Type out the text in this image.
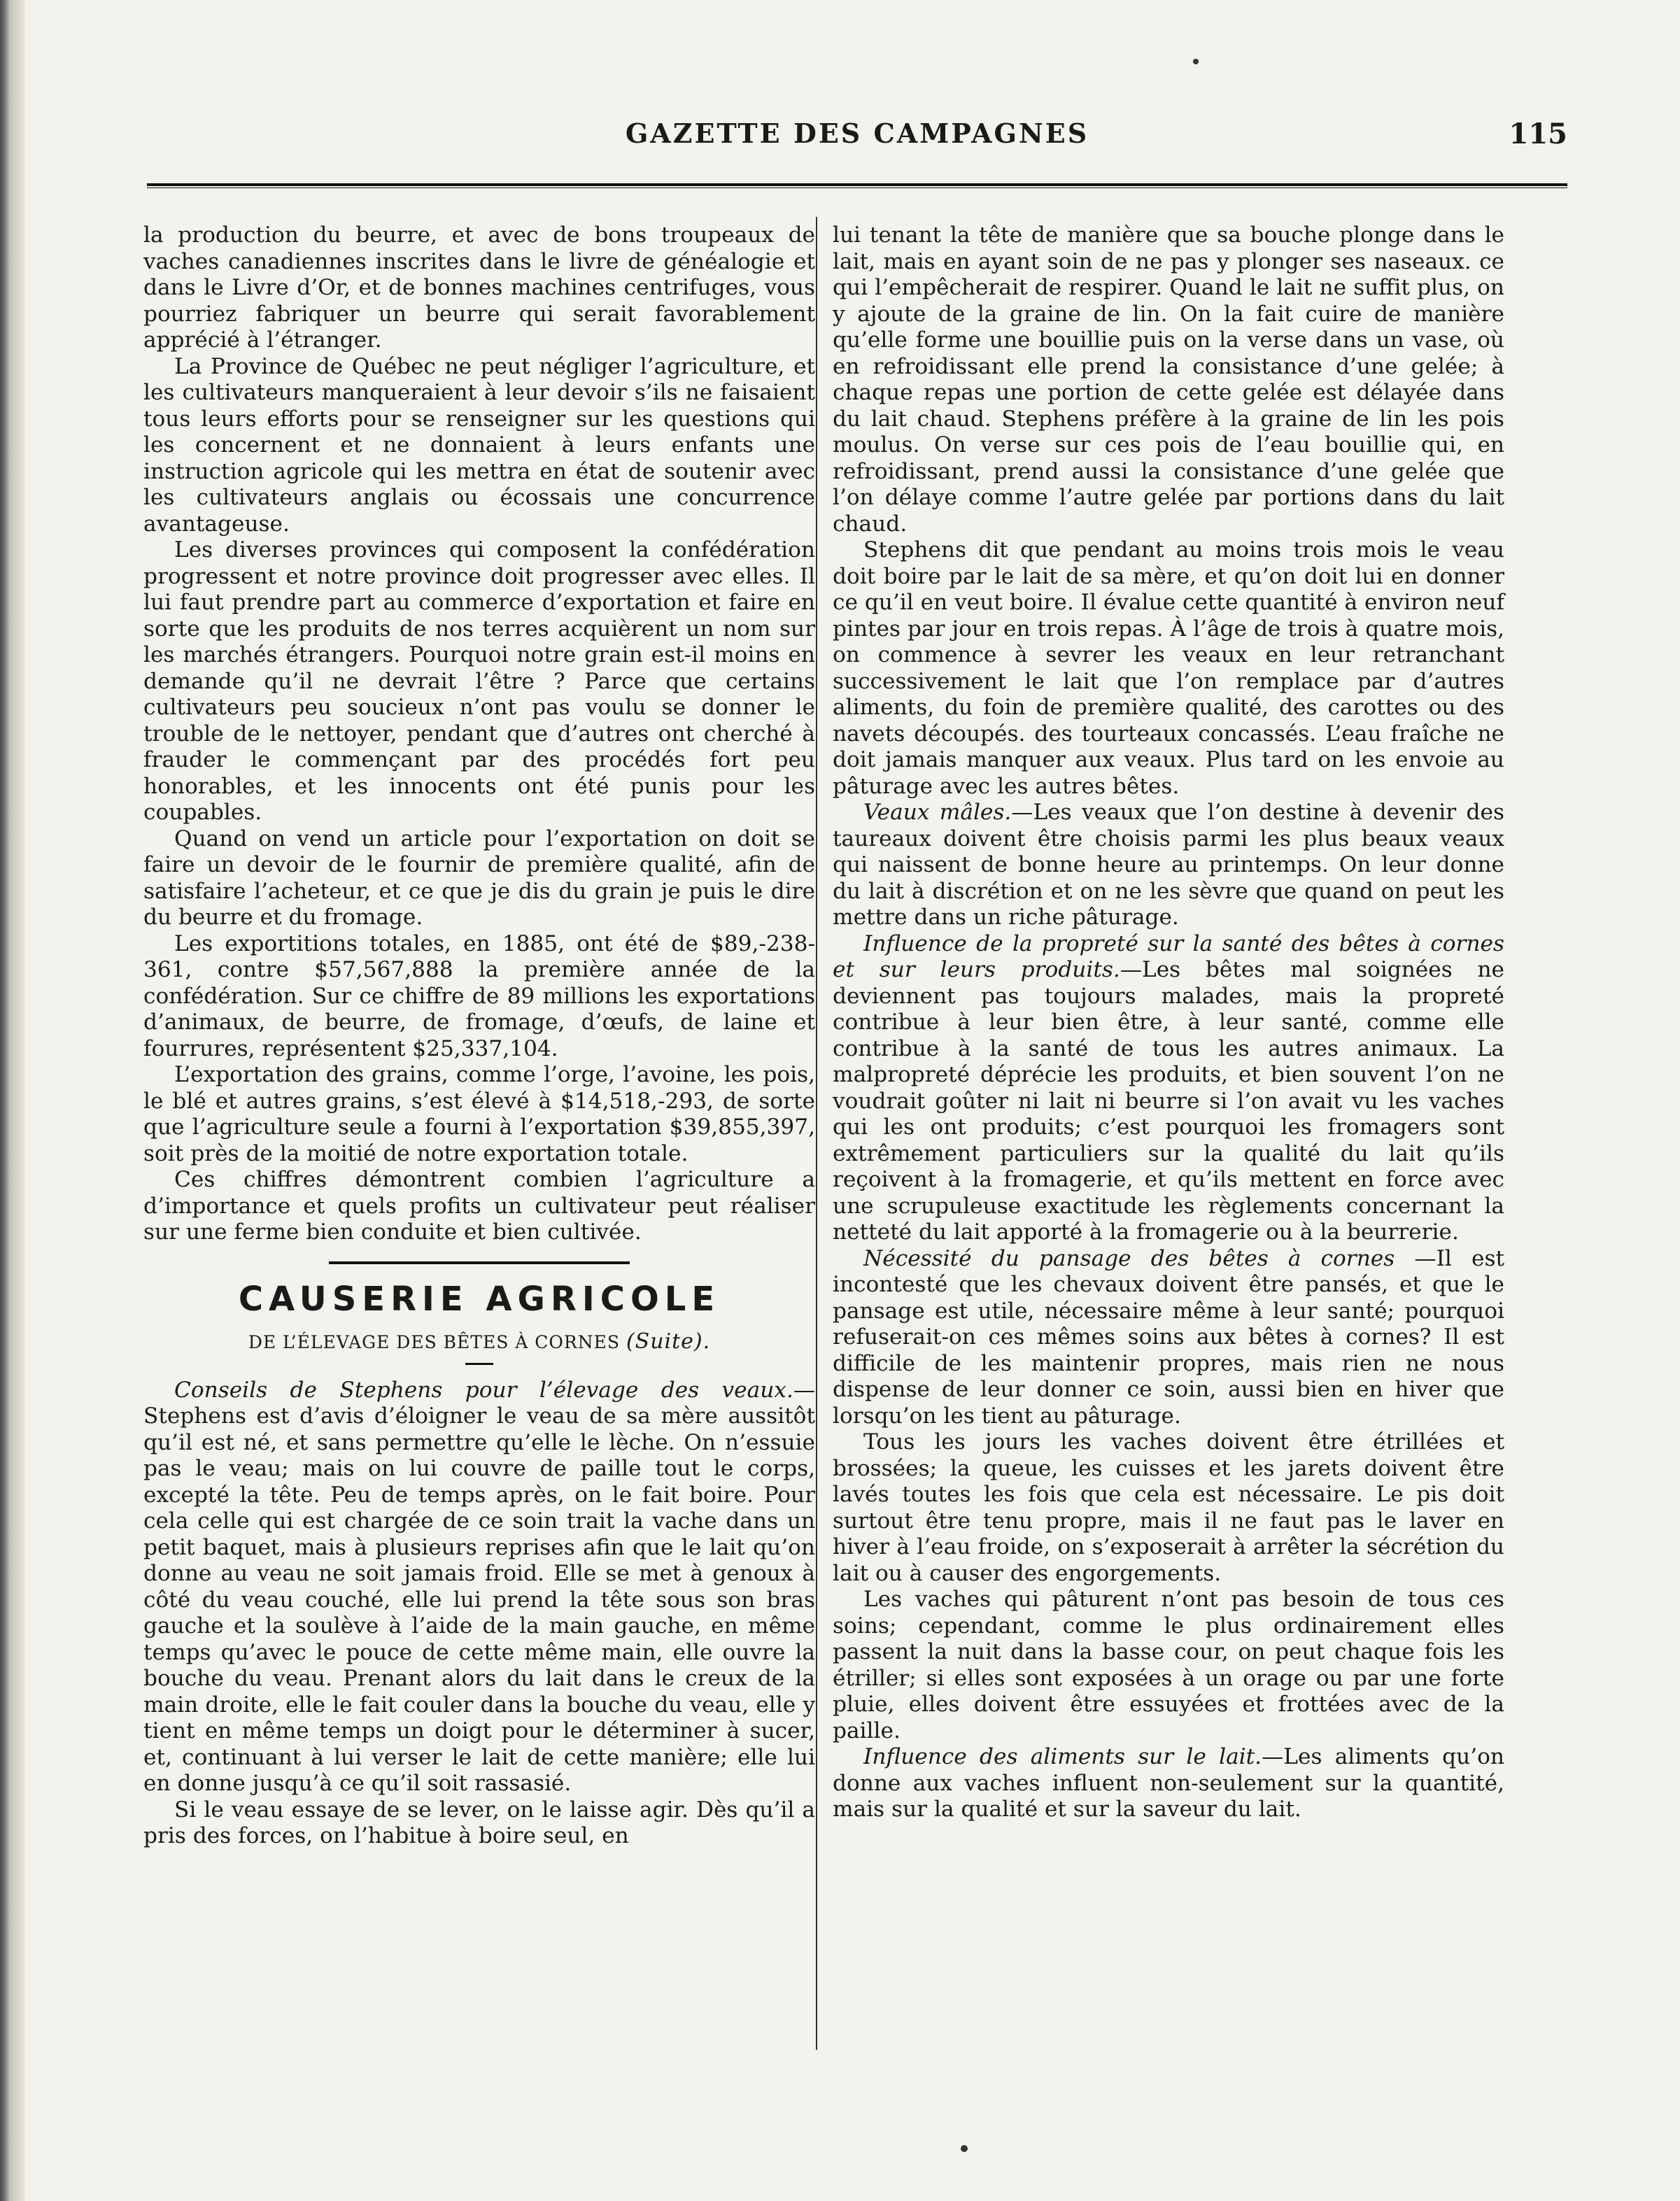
GAZETTE DES CAMPAGNES	115

la production du beurre, et avec de bons troupeaux de vaches canadiennes inscrites dans le livre de généalogie et dans le Livre d’Or, et de bonnes machines centrifuges, vous pourriez fabriquer un beurre qui serait favorablement apprécié à l’étranger.

La Province de Québec ne peut négliger l’agriculture, et les cultivateurs manqueraient à leur devoir s’ils ne faisaient tous leurs efforts pour se renseigner sur les questions qui les concernent et ne donnaient à leurs enfants une instruction agricole qui les mettra en état de soutenir avec les cultivateurs anglais ou écossais une concurrence avantageuse.

Les diverses provinces qui composent la confédération progressent et notre province doit progresser avec elles. Il lui faut prendre part au commerce d’exportation et faire en sorte que les produits de nos terres acquièrent un nom sur les marchés étrangers. Pourquoi notre grain est-il moins en demande qu’il ne devrait l’être ? Parce que certains cultivateurs peu soucieux n’ont pas voulu se donner le trouble de le nettoyer, pendant que d’autres ont cherché à frauder le commençant par des procédés fort peu honorables, et les innocents ont été punis pour les coupables.

Quand on vend un article pour l’exportation on doit se faire un devoir de le fournir de première qualité, afin de satisfaire l’acheteur, et ce que je dis du grain je puis le dire du beurre et du fromage.

Les exportitions totales, en 1885, ont été de $89,-238-361, contre $57,567,888 la première année de la confédération. Sur ce chiffre de 89 millions les exportations d’animaux, de beurre, de fromage, d’œufs, de laine et fourrures, représentent $25,337,104.

L’exportation des grains, comme l’orge, l’avoine, les pois, le blé et autres grains, s’est élevé à $14,518,-293, de sorte que l’agriculture seule a fourni à l’exportation $39,855,397, soit près de la moitié de notre exportation totale.

Ces chiffres démontrent combien l’agriculture a d’importance et quels profits un cultivateur peut réaliser sur une ferme bien conduite et bien cultivée.

CAUSERIE AGRICOLE
DE L’ÉLEVAGE DES BÊTES À CORNES (Suite).

Conseils de Stephens pour l’élevage des veaux.—Stephens est d’avis d’éloigner le veau de sa mère aussitôt qu’il est né, et sans permettre qu’elle le lèche. On n’essuie pas le veau; mais on lui couvre de paille tout le corps, excepté la tête. Peu de temps après, on le fait boire. Pour cela celle qui est chargée de ce soin trait la vache dans un petit baquet, mais à plusieurs reprises afin que le lait qu’on donne au veau ne soit jamais froid. Elle se met à genoux à côté du veau couché, elle lui prend la tête sous son bras gauche et la soulève à l’aide de la main gauche, en même temps qu’avec le pouce de cette même main, elle ouvre la bouche du veau. Prenant alors du lait dans le creux de la main droite, elle le fait couler dans la bouche du veau, elle y tient en même temps un doigt pour le déterminer à sucer, et, continuant à lui verser le lait de cette manière; elle lui en donne jusqu’à ce qu’il soit rassasié.

Si le veau essaye de se lever, on le laisse agir. Dès qu’il a pris des forces, on l’habitue à boire seul, en

lui tenant la tête de manière que sa bouche plonge dans le lait, mais en ayant soin de ne pas y plonger ses naseaux. ce qui l’empêcherait de respirer. Quand le lait ne suffit plus, on y ajoute de la graine de lin. On la fait cuire de manière qu’elle forme une bouillie puis on la verse dans un vase, où en refroidissant elle prend la consistance d’une gelée; à chaque repas une portion de cette gelée est délayée dans du lait chaud. Stephens préfère à la graine de lin les pois moulus. On verse sur ces pois de l’eau bouillie qui, en refroidissant, prend aussi la consistance d’une gelée que l’on délaye comme l’autre gelée par portions dans du lait chaud.

Stephens dit que pendant au moins trois mois le veau doit boire par le lait de sa mère, et qu’on doit lui en donner ce qu’il en veut boire. Il évalue cette quantité à environ neuf pintes par jour en trois repas. À l’âge de trois à quatre mois, on commence à sevrer les veaux en leur retranchant successivement le lait que l’on remplace par d’autres aliments, du foin de première qualité, des carottes ou des navets découpés. des tourteaux concassés. L’eau fraîche ne doit jamais manquer aux veaux. Plus tard on les envoie au pâturage avec les autres bêtes.

Veaux mâles.—Les veaux que l’on destine à devenir des taureaux doivent être choisis parmi les plus beaux veaux qui naissent de bonne heure au printemps. On leur donne du lait à discrétion et on ne les sèvre que quand on peut les mettre dans un riche pâturage.

Influence de la propreté sur la santé des bêtes à cornes et sur leurs produits.—Les bêtes mal soignées ne deviennent pas toujours malades, mais la propreté contribue à leur bien être, à leur santé, comme elle contribue à la santé de tous les autres animaux. La malpropreté déprécie les produits, et bien souvent l’on ne voudrait goûter ni lait ni beurre si l’on avait vu les vaches qui les ont produits; c’est pourquoi les fromagers sont extrêmement particuliers sur la qualité du lait qu’ils reçoivent à la fromagerie, et qu’ils mettent en force avec une scrupuleuse exactitude les règlements concernant la netteté du lait apporté à la fromagerie ou à la beurrerie.

Nécessité du pansage des bêtes à cornes —Il est incontesté que les chevaux doivent être pansés, et que le pansage est utile, nécessaire même à leur santé; pourquoi refuserait-on ces mêmes soins aux bêtes à cornes? Il est difficile de les maintenir propres, mais rien ne nous dispense de leur donner ce soin, aussi bien en hiver que lorsqu’on les tient au pâturage.

Tous les jours les vaches doivent être étrillées et brossées; la queue, les cuisses et les jarets doivent être lavés toutes les fois que cela est nécessaire. Le pis doit surtout être tenu propre, mais il ne faut pas le laver en hiver à l’eau froide, on s’exposerait à arrêter la sécrétion du lait ou à causer des engorgements.

Les vaches qui pâturent n’ont pas besoin de tous ces soins; cependant, comme le plus ordinairement elles passent la nuit dans la basse cour, on peut chaque fois les étriller; si elles sont exposées à un orage ou par une forte pluie, elles doivent être essuyées et frottées avec de la paille.

Influence des aliments sur le lait.—Les aliments qu’on donne aux vaches influent non-seulement sur la quantité, mais sur la qualité et sur la saveur du lait.
